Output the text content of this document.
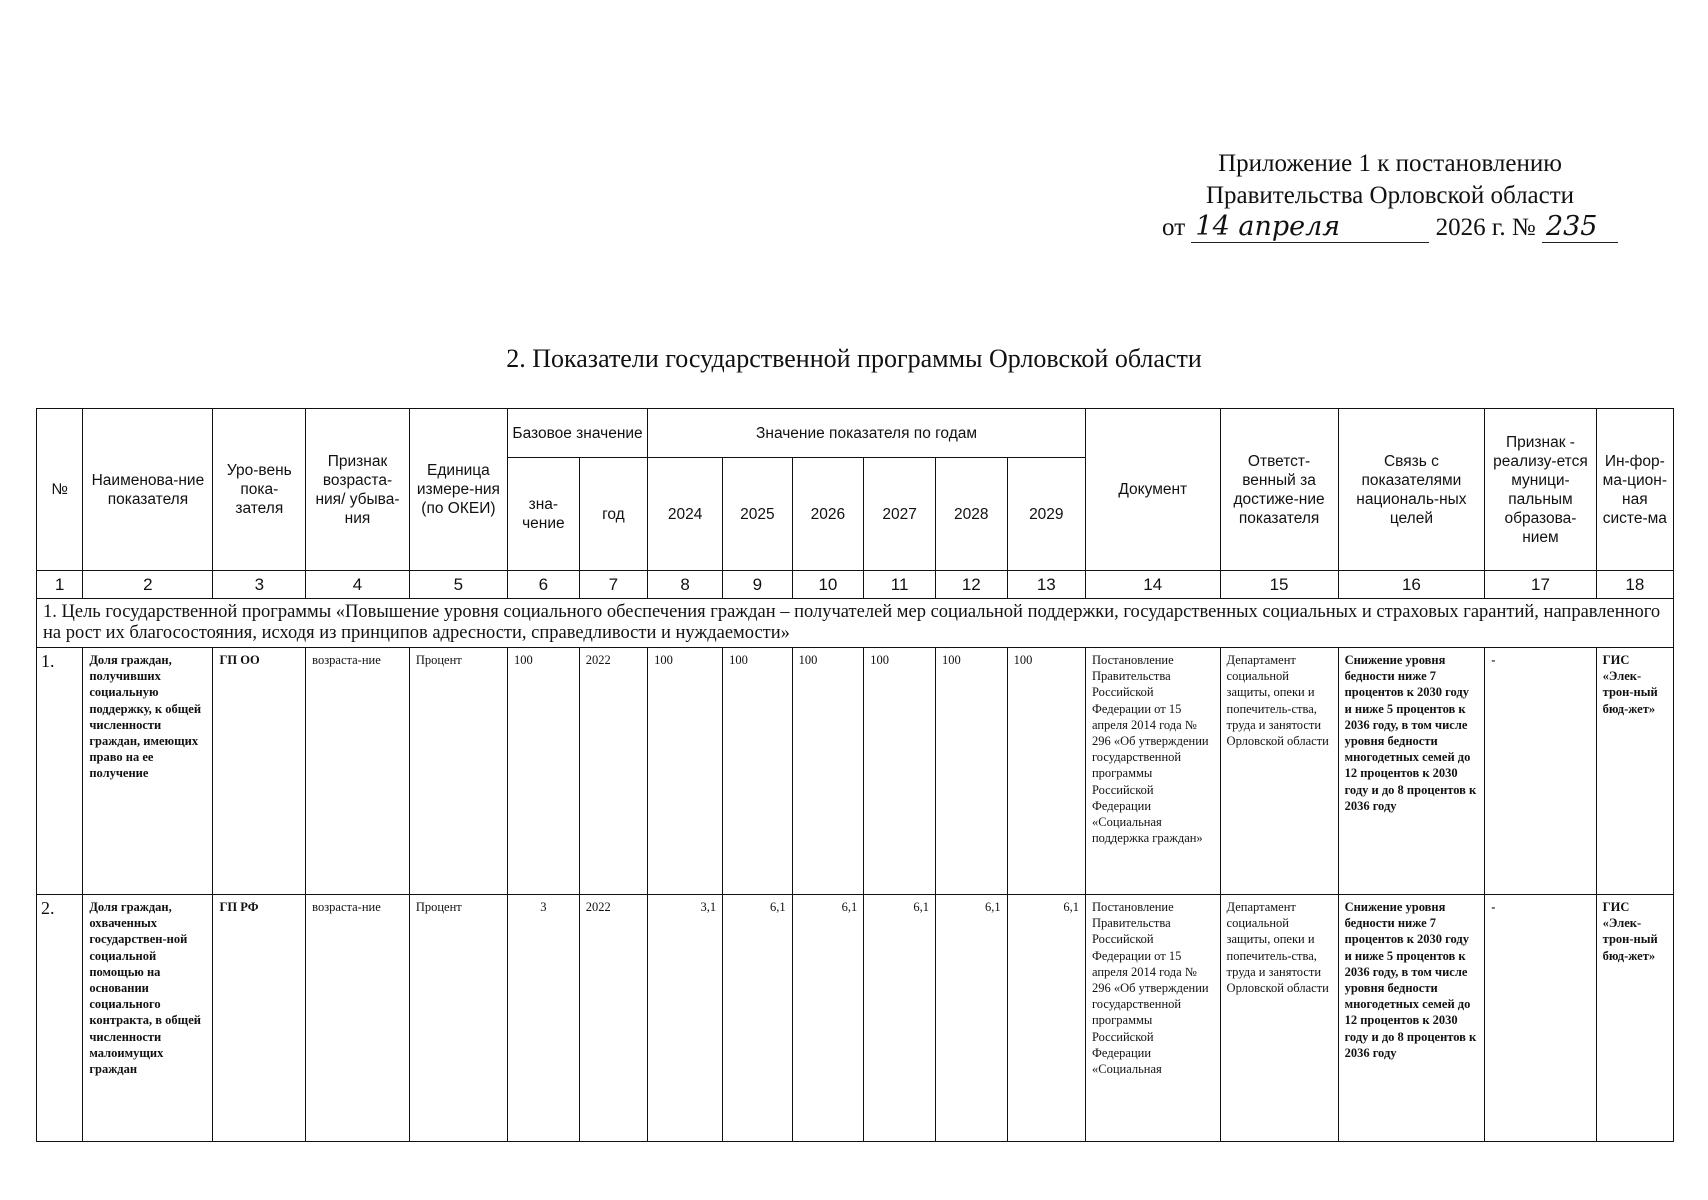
Приложение 1 к постановлению
Правительства Орловской области
от 14 апреля	2026 г. № 235
2. Показатели государственной программы Орловской области
№	Наименова-ние показателя	Уро-вень пока-зателя	Признак возраста-ния/ убыва-ния	Единица измере-ния (по ОКЕИ)	Базовое значение		Значение показателя по годам						Документ	Ответст-венный за достиже-ние показателя	Связь с показателями националь-ных целей	Признак - реализу-ется муници-пальным образова-нием	Ин-фор-ма-цион-ная систе-ма
					зна-чение	год	2024	2025	2026	2027	2028	2029					
1	2	3	4	5	6	7	8	9	10	11	12	13	14	15	16	17	18
1. Цель государственной программы «Повышение уровня социального обеспечения граждан – получателей мер социальной поддержки, государственных социальных и страховых гарантий, направленного на рост их благосостояния, исходя из принципов адресности, справедливости и нуждаемости»																	
1.	Доля граждан, получивших социальную поддержку, к общей численности граждан, имеющих право на ее получение	ГП ОО	возраста-ние	Процент	100	2022	100	100	100	100	100	100	Постановление Правительства Российской Федерации от 15 апреля 2014 года № 296 «Об утверждении государственной программы Российской Федерации «Социальная поддержка граждан»	Департамент социальной защиты, опеки и попечитель-ства, труда и занятости Орловской области	Снижение уровня бедности ниже 7 процентов к 2030 году и ниже 5 процентов к 2036 году, в том числе уровня бедности многодетных семей до 12 процентов к 2030 году и до 8 процентов к 2036 году	-	ГИС «Элек-трон-ный бюд-жет»
2.	Доля граждан, охваченных государствен-ной социальной помощью на основании социального контракта, в общей численности малоимущих граждан	ГП РФ	возраста-ние	Процент	3	2022	3,1	6,1	6,1	6,1	6,1	6,1	Постановление Правительства Российской Федерации от 15 апреля 2014 года № 296 «Об утверждении государственной программы Российской Федерации «Социальная	Департамент социальной защиты, опеки и попечитель-ства, труда и занятости Орловской области	Снижение уровня бедности ниже 7 процентов к 2030 году и ниже 5 процентов к 2036 году, в том числе уровня бедности многодетных семей до 12 процентов к 2030 году и до 8 процентов к 2036 году	-	ГИС «Элек-трон-ный бюд-жет»
